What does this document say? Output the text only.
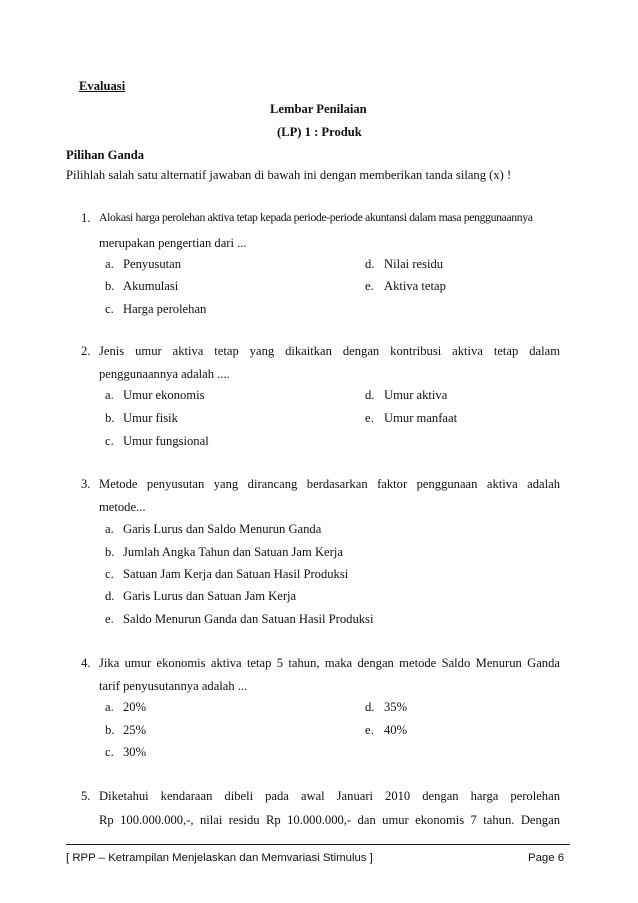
Evaluasi
Lembar Penilaian
(LP) 1 : Produk
Pilihan Ganda
Pilihlah salah satu alternatif jawaban di bawah ini dengan memberikan tanda silang (x) !
1. Alokasi harga perolehan aktiva tetap kepada periode-periode akuntansi dalam masa penggunaannya
merupakan pengertian dari ...
a. Penyusutan
b. Akumulasi
c. Harga perolehan
d. Nilai residu
e. Aktiva tetap
2. Jenis umur aktiva tetap yang dikaitkan dengan kontribusi aktiva tetap dalam
penggunaannya adalah ....
a. Umur ekonomis
b. Umur fisik
c. Umur fungsional
d. Umur aktiva
e. Umur manfaat
3. Metode penyusutan yang dirancang berdasarkan faktor penggunaan aktiva adalah
metode...
a. Garis Lurus dan Saldo Menurun Ganda
b. Jumlah Angka Tahun dan Satuan Jam Kerja
c. Satuan Jam Kerja dan Satuan Hasil Produksi
d. Garis Lurus dan Satuan Jam Kerja
e. Saldo Menurun Ganda dan Satuan Hasil Produksi
4. Jika umur ekonomis aktiva tetap 5 tahun, maka dengan metode Saldo Menurun Ganda
tarif penyusutannya adalah ...
a. 20%
b. 25%
c. 30%
d. 35%
e. 40%
5. Diketahui kendaraan dibeli pada awal Januari 2010 dengan harga perolehan
Rp 100.000.000,-, nilai residu Rp 10.000.000,- dan umur ekonomis 7 tahun. Dengan
[ RPP – Ketrampilan Menjelaskan dan Memvariasi Stimulus ]	Page 6
